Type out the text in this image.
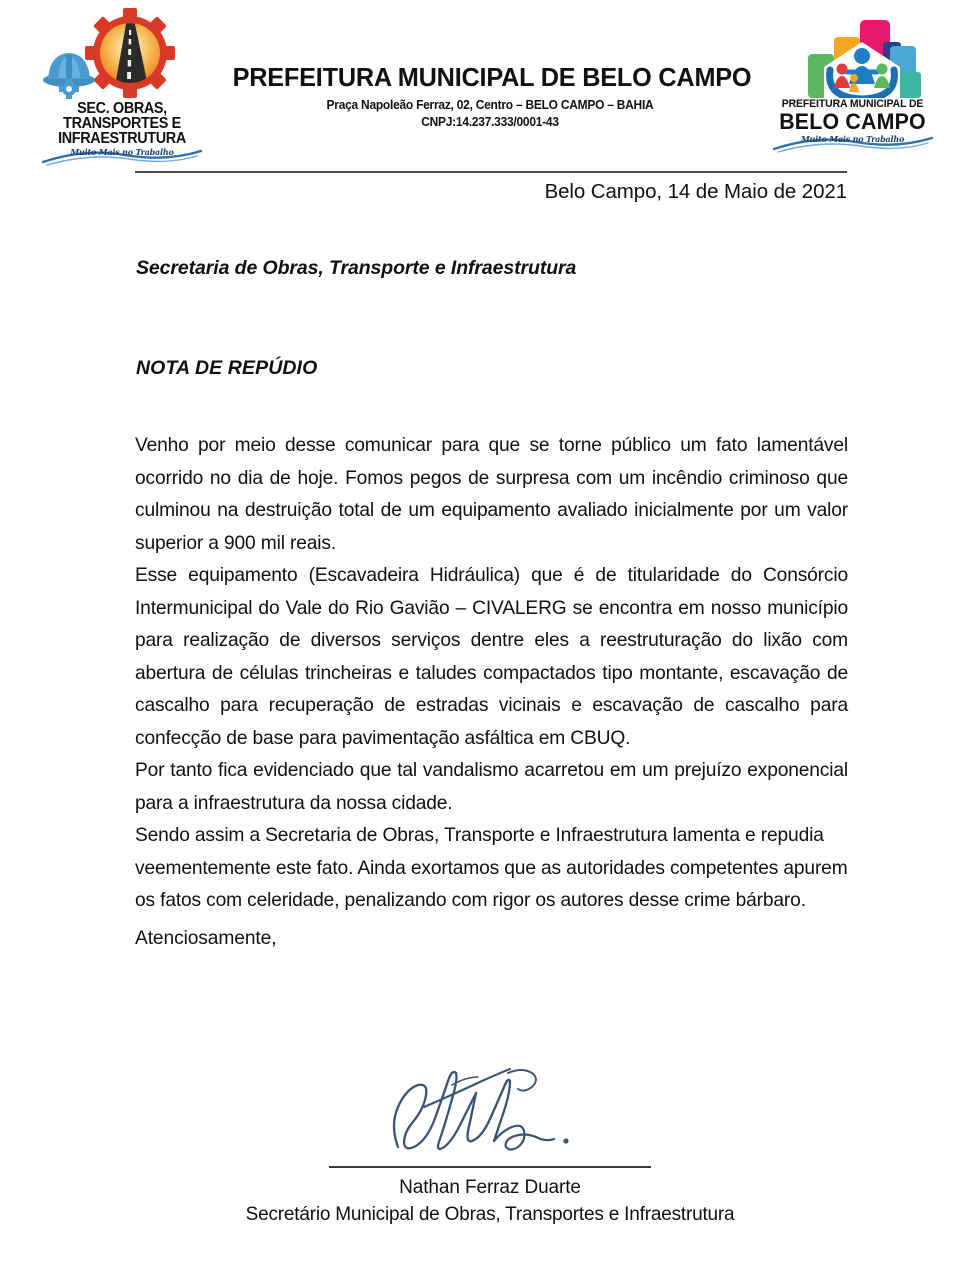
SEC. OBRAS, TRANSPORTES E
INFRAESTRUTURA
Muito Mais no Trabalho
PREFEITURA MUNICIPAL DE BELO CAMPO
Praça Napoleão Ferraz, 02, Centro – BELO CAMPO – BAHIA
CNPJ:14.237.333/0001-43
PREFEITURA MUNICIPAL DE
BELO CAMPO
Muito Mais no Trabalho
Belo Campo, 14 de Maio de 2021
Secretaria de Obras, Transporte e Infraestrutura
NOTA DE REPÚDIO

Venho por meio desse comunicar para que se torne público um fato lamentável ocorrido no dia de hoje. Fomos pegos de surpresa com um incêndio criminoso que culminou na destruição total de um equipamento avaliado inicialmente por um valor superior a 900 mil reais.

Esse equipamento (Escavadeira Hidráulica) que é de titularidade do Consórcio Intermunicipal do Vale do Rio Gavião – CIVALERG se encontra em nosso município para realização de diversos serviços dentre eles a reestruturação do lixão com abertura de células trincheiras e taludes compactados tipo montante, escavação de cascalho para recuperação de estradas vicinais e escavação de cascalho para confecção de base para pavimentação asfáltica em CBUQ.

Por tanto fica evidenciado que tal vandalismo acarretou em um prejuízo exponencial para a infraestrutura da nossa cidade.

Sendo assim a Secretaria de Obras, Transporte e Infraestrutura lamenta e repudia veementemente este fato. Ainda exortamos que as autoridades competentes apurem os fatos com celeridade, penalizando com rigor os autores desse crime bárbaro.

Atenciosamente,
Nathan Ferraz Duarte
Secretário Municipal de Obras, Transportes e Infraestrutura
